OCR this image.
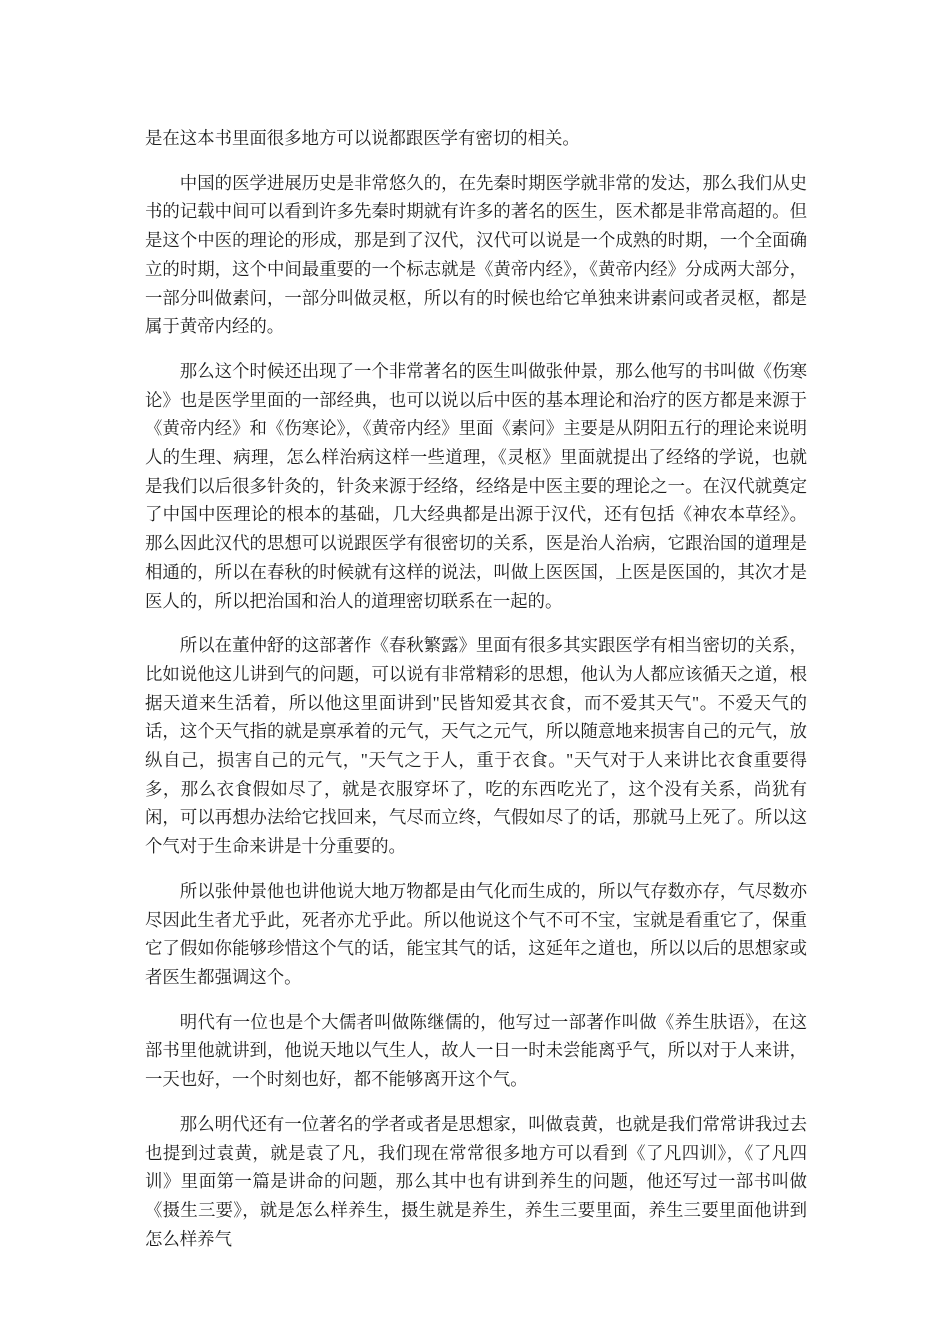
是在这本书里面很多地方可以说都跟医学有密切的相关。

中国的医学进展历史是非常悠久的，在先秦时期医学就非常的发达，那么我们从史书的记载中间可以看到许多先秦时期就有许多的著名的医生，医术都是非常高超的。但是这个中医的理论的形成，那是到了汉代，汉代可以说是一个成熟的时期，一个全面确立的时期，这个中间最重要的一个标志就是《黄帝内经》，《黄帝内经》分成两大部分，一部分叫做素问，一部分叫做灵枢，所以有的时候也给它单独来讲素问或者灵枢，都是属于黄帝内经的。

那么这个时候还出现了一个非常著名的医生叫做张仲景，那么他写的书叫做《伤寒论》也是医学里面的一部经典，也可以说以后中医的基本理论和治疗的医方都是来源于《黄帝内经》和《伤寒论》，《黄帝内经》里面《素问》主要是从阴阳五行的理论来说明人的生理、病理，怎么样治病这样一些道理，《灵枢》里面就提出了经络的学说，也就是我们以后很多针灸的，针灸来源于经络，经络是中医主要的理论之一。在汉代就奠定了中国中医理论的根本的基础，几大经典都是出源于汉代，还有包括《神农本草经》。那么因此汉代的思想可以说跟医学有很密切的关系，医是治人治病，它跟治国的道理是相通的，所以在春秋的时候就有这样的说法，叫做上医医国，上医是医国的，其次才是医人的，所以把治国和治人的道理密切联系在一起的。

所以在董仲舒的这部著作《春秋繁露》里面有很多其实跟医学有相当密切的关系，比如说他这儿讲到气的问题，可以说有非常精彩的思想，他认为人都应该循天之道，根据天道来生活着，所以他这里面讲到"民皆知爱其衣食，而不爱其天气"。不爱天气的话，这个天气指的就是禀承着的元气，天气之元气，所以随意地来损害自己的元气，放纵自己，损害自己的元气，"天气之于人，重于衣食。"天气对于人来讲比衣食重要得多，那么衣食假如尽了，就是衣服穿坏了，吃的东西吃光了，这个没有关系，尚犹有闲，可以再想办法给它找回来，气尽而立终，气假如尽了的话，那就马上死了。所以这个气对于生命来讲是十分重要的。

所以张仲景他也讲他说大地万物都是由气化而生成的，所以气存数亦存，气尽数亦尽因此生者尤乎此，死者亦尤乎此。所以他说这个气不可不宝，宝就是看重它了，保重它了假如你能够珍惜这个气的话，能宝其气的话，这延年之道也，所以以后的思想家或者医生都强调这个。

明代有一位也是个大儒者叫做陈继儒的，他写过一部著作叫做《养生肤语》，在这部书里他就讲到，他说天地以气生人，故人一日一时未尝能离乎气，所以对于人来讲，一天也好，一个时刻也好，都不能够离开这个气。

那么明代还有一位著名的学者或者是思想家，叫做袁黄，也就是我们常常讲我过去也提到过袁黄，就是袁了凡，我们现在常常很多地方可以看到《了凡四训》，《了凡四训》里面第一篇是讲命的问题，那么其中也有讲到养生的问题，他还写过一部书叫做《摄生三要》，就是怎么样养生，摄生就是养生，养生三要里面，养生三要里面他讲到怎么样养气
